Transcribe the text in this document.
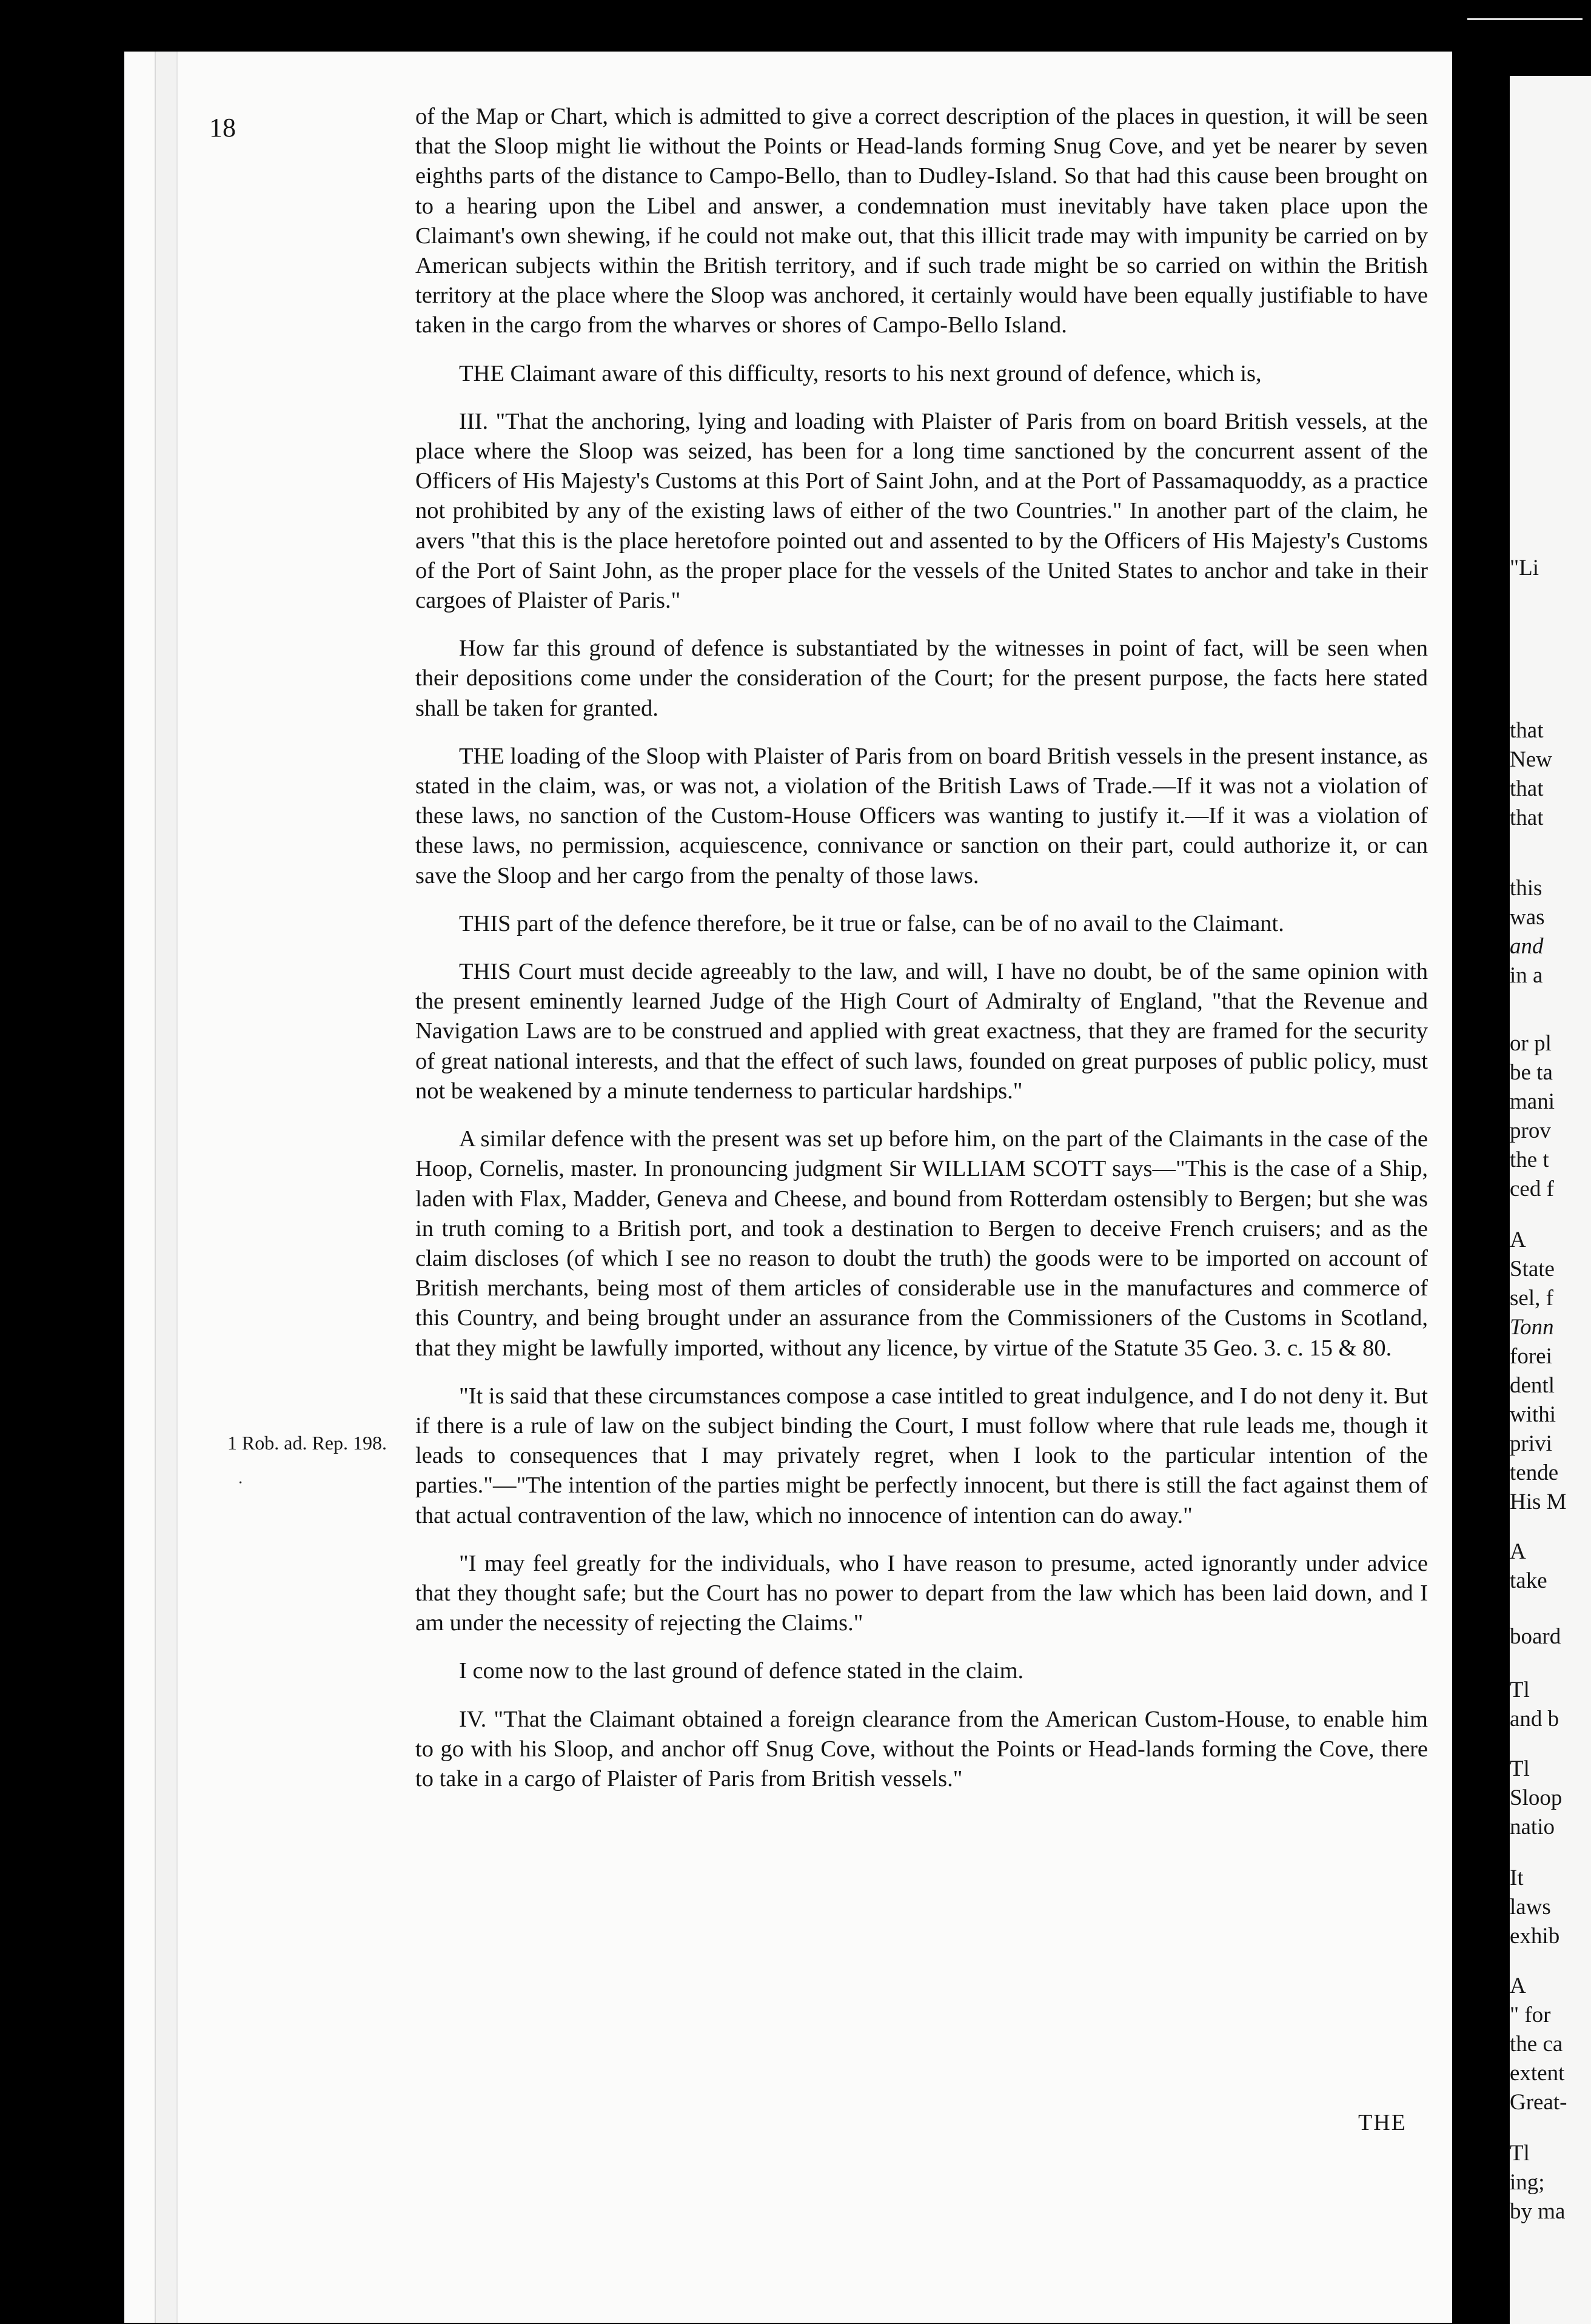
18
1 Rob. ad. Rep. 198.
·

of the Map or Chart, which is admitted to give a correct description of the places in question, it will be seen that the Sloop might lie without the Points or Head-lands forming Snug Cove, and yet be nearer by seven eighths parts of the distance to Campo-Bello, than to Dudley-Island. So that had this cause been brought on to a hearing upon the Libel and answer, a condemnation must inevitably have taken place upon the Claimant's own shewing, if he could not make out, that this illicit trade may with impunity be carried on by American subjects within the British territory, and if such trade might be so carried on within the British territory at the place where the Sloop was anchored, it certainly would have been equally justifiable to have taken in the cargo from the wharves or shores of Campo-Bello Island.

THE Claimant aware of this difficulty, resorts to his next ground of defence, which is,

III. "That the anchoring, lying and loading with Plaister of Paris from on board British vessels, at the place where the Sloop was seized, has been for a long time sanctioned by the concurrent assent of the Officers of His Majesty's Customs at this Port of Saint John, and at the Port of Passamaquoddy, as a practice not prohibited by any of the existing laws of either of the two Countries." In another part of the claim, he avers "that this is the place heretofore pointed out and assented to by the Officers of His Majesty's Customs of the Port of Saint John, as the proper place for the vessels of the United States to anchor and take in their cargoes of Plaister of Paris."

How far this ground of defence is substantiated by the witnesses in point of fact, will be seen when their depositions come under the consideration of the Court; for the present purpose, the facts here stated shall be taken for granted.

THE loading of the Sloop with Plaister of Paris from on board British vessels in the present instance, as stated in the claim, was, or was not, a violation of the British Laws of Trade.—If it was not a violation of these laws, no sanction of the Custom-House Officers was wanting to justify it.—If it was a violation of these laws, no permission, acquiescence, connivance or sanction on their part, could authorize it, or can save the Sloop and her cargo from the penalty of those laws.

THIS part of the defence therefore, be it true or false, can be of no avail to the Claimant.

THIS Court must decide agreeably to the law, and will, I have no doubt, be of the same opinion with the present eminently learned Judge of the High Court of Admiralty of England, "that the Revenue and Navigation Laws are to be construed and applied with great exactness, that they are framed for the security of great national interests, and that the effect of such laws, founded on great purposes of public policy, must not be weakened by a minute tenderness to particular hardships."

A similar defence with the present was set up before him, on the part of the Claimants in the case of the Hoop, Cornelis, master. In pronouncing judgment Sir WILLIAM SCOTT says—"This is the case of a Ship, laden with Flax, Madder, Geneva and Cheese, and bound from Rotterdam ostensibly to Bergen; but she was in truth coming to a British port, and took a destination to Bergen to deceive French cruisers; and as the claim discloses (of which I see no reason to doubt the truth) the goods were to be imported on account of British merchants, being most of them articles of considerable use in the manufactures and commerce of this Country, and being brought under an assurance from the Commissioners of the Customs in Scotland, that they might be lawfully imported, without any licence, by virtue of the Statute 35 Geo. 3. c. 15 & 80.

"It is said that these circumstances compose a case intitled to great indulgence, and I do not deny it. But if there is a rule of law on the subject binding the Court, I must follow where that rule leads me, though it leads to consequences that I may privately regret, when I look to the particular intention of the parties."—"The intention of the parties might be perfectly innocent, but there is still the fact against them of that actual contravention of the law, which no innocence of intention can do away."

"I may feel greatly for the individuals, who I have reason to presume, acted ignorantly under advice that they thought safe; but the Court has no power to depart from the law which has been laid down, and I am under the necessity of rejecting the Claims."

I come now to the last ground of defence stated in the claim.

IV. "That the Claimant obtained a foreign clearance from the American Custom-House, to enable him to go with his Sloop, and anchor off Snug Cove, without the Points or Head-lands forming the Cove, there to take in a cargo of Plaister of Paris from British vessels."

THE
"Li
that
New
that
that
this
was
and
in a
or pl
be ta
mani
prov
the t
ced f
A
State
sel, f
Tonn
forei
dentl
withi
privi
tende
His M
A
take
board
Tl
and b
Tl
Sloop
natio
It
laws
exhib
A
" for
the ca
extent
Great-
Tl
ing;
by ma
